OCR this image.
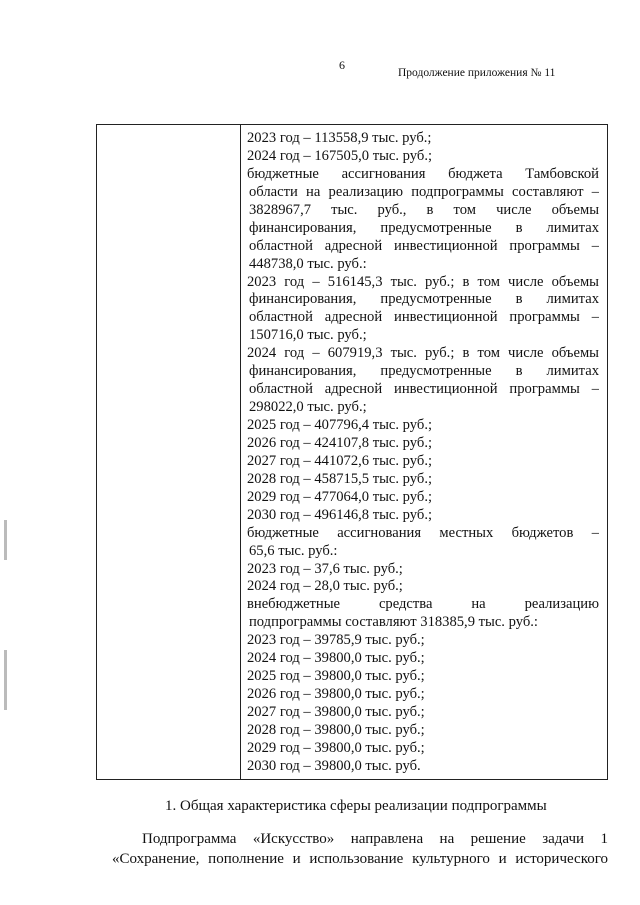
6
Продолжение приложения № 11
2023 год – 113558,9 тыс. руб.;
2024 год – 167505,0 тыс. руб.;
бюджетные ассигнования бюджета Тамбовской
области на реализацию подпрограммы составляют –
3828967,7 тыс. руб., в том числе объемы
финансирования, предусмотренные в лимитах
областной адресной инвестиционной программы –
448738,0 тыс. руб.:
2023 год – 516145,3 тыс. руб.; в том числе объемы
финансирования, предусмотренные в лимитах
областной адресной инвестиционной программы –
150716,0 тыс. руб.;
2024 год – 607919,3 тыс. руб.; в том числе объемы
финансирования, предусмотренные в лимитах
областной адресной инвестиционной программы –
298022,0 тыс. руб.;
2025 год – 407796,4 тыс. руб.;
2026 год – 424107,8 тыс. руб.;
2027 год – 441072,6 тыс. руб.;
2028 год – 458715,5 тыс. руб.;
2029 год – 477064,0 тыс. руб.;
2030 год – 496146,8 тыс. руб.;
бюджетные ассигнования местных бюджетов –
65,6 тыс. руб.:
2023 год – 37,6 тыс. руб.;
2024 год – 28,0 тыс. руб.;
внебюджетные средства на реализацию
подпрограммы составляют 318385,9 тыс. руб.:
2023 год – 39785,9 тыс. руб.;
2024 год – 39800,0 тыс. руб.;
2025 год – 39800,0 тыс. руб.;
2026 год – 39800,0 тыс. руб.;
2027 год – 39800,0 тыс. руб.;
2028 год – 39800,0 тыс. руб.;
2029 год – 39800,0 тыс. руб.;
2030 год – 39800,0 тыс. руб.
1. Общая характеристика сферы реализации подпрограммы
Подпрограмма «Искусство» направлена на решение задачи 1
«Сохранение, пополнение и использование культурного и исторического
